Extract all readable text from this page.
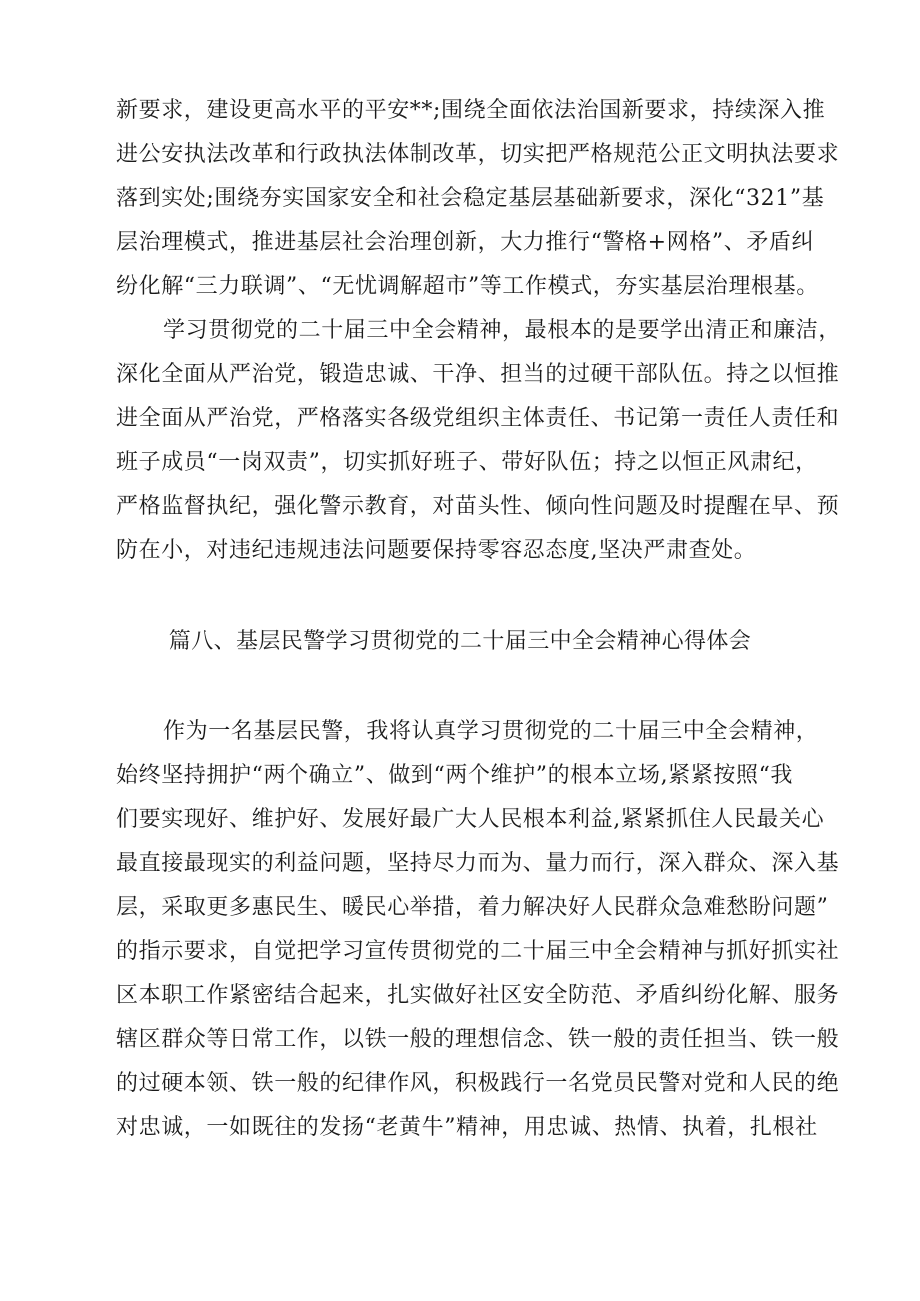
新要求，建设更高水平的平安**;围绕全面依法治国新要求，持续深入推
进公安执法改革和行政执法体制改革，切实把严格规范公正文明执法要求
落到实处;围绕夯实国家安全和社会稳定基层基础新要求，深化“321”基
层治理模式，推进基层社会治理创新，大力推行“警格+网格”、矛盾纠
纷化解“三力联调”、“无忧调解超市”等工作模式，夯实基层治理根基。
学习贯彻党的二十届三中全会精神，最根本的是要学出清正和廉洁，
深化全面从严治党，锻造忠诚、干净、担当的过硬干部队伍。持之以恒推
进全面从严治党，严格落实各级党组织主体责任、书记第一责任人责任和
班子成员“一岗双责”，切实抓好班子、带好队伍；持之以恒正风肃纪，
严格监督执纪，强化警示教育，对苗头性、倾向性问题及时提醒在早、预
防在小，对违纪违规违法问题要保持零容忍态度,坚决严肃查处。
篇八、基层民警学习贯彻党的二十届三中全会精神心得体会
作为一名基层民警，我将认真学习贯彻党的二十届三中全会精神，
始终坚持拥护“两个确立”、做到“两个维护”的根本立场,紧紧按照“我
们要实现好、维护好、发展好最广大人民根本利益,紧紧抓住人民最关心
最直接最现实的利益问题，坚持尽力而为、量力而行，深入群众、深入基
层，采取更多惠民生、暖民心举措，着力解决好人民群众急难愁盼问题”
的指示要求，自觉把学习宣传贯彻党的二十届三中全会精神与抓好抓实社
区本职工作紧密结合起来，扎实做好社区安全防范、矛盾纠纷化解、服务
辖区群众等日常工作，以铁一般的理想信念、铁一般的责任担当、铁一般
的过硬本领、铁一般的纪律作风，积极践行一名党员民警对党和人民的绝
对忠诚，一如既往的发扬“老黄牛”精神，用忠诚、热情、执着，扎根社
